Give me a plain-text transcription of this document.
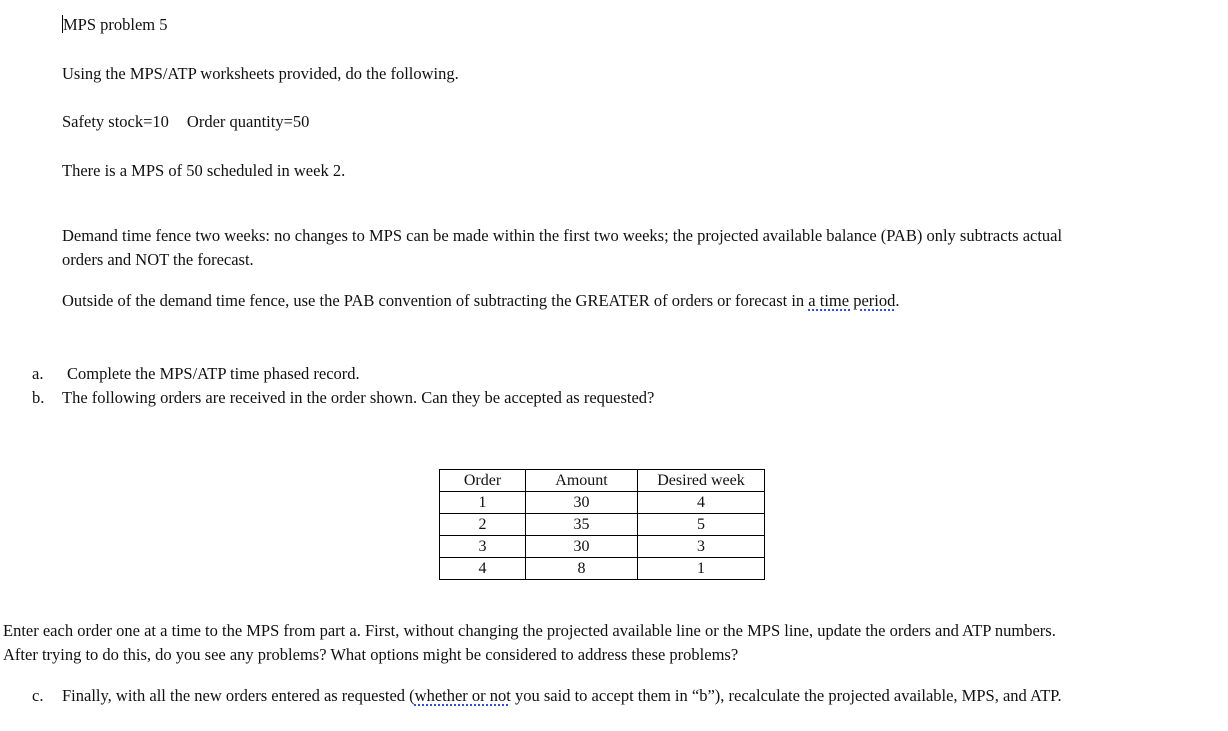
MPS problem 5
Using the MPS/ATP worksheets provided, do the following.
Safety stock=10 Order quantity=50
There is a MPS of 50 scheduled in week 2.
Demand time fence two weeks: no changes to MPS can be made within the first two weeks; the projected available balance (PAB) only subtracts actual
orders and NOT the forecast.
Outside of the demand time fence, use the PAB convention of subtracting the GREATER of orders or forecast in a time period.
a. Complete the MPS/ATP time phased record.
b. The following orders are received in the order shown. Can they be accepted as requested?
Order	Amount	Desired week
1	30	4
2	35	5
3	30	3
4	8	1
Enter each order one at a time to the MPS from part a. First, without changing the projected available line or the MPS line, update the orders and ATP numbers.
After trying to do this, do you see any problems? What options might be considered to address these problems?
c. Finally, with all the new orders entered as requested (whether or not you said to accept them in “b”), recalculate the projected available, MPS, and ATP.
